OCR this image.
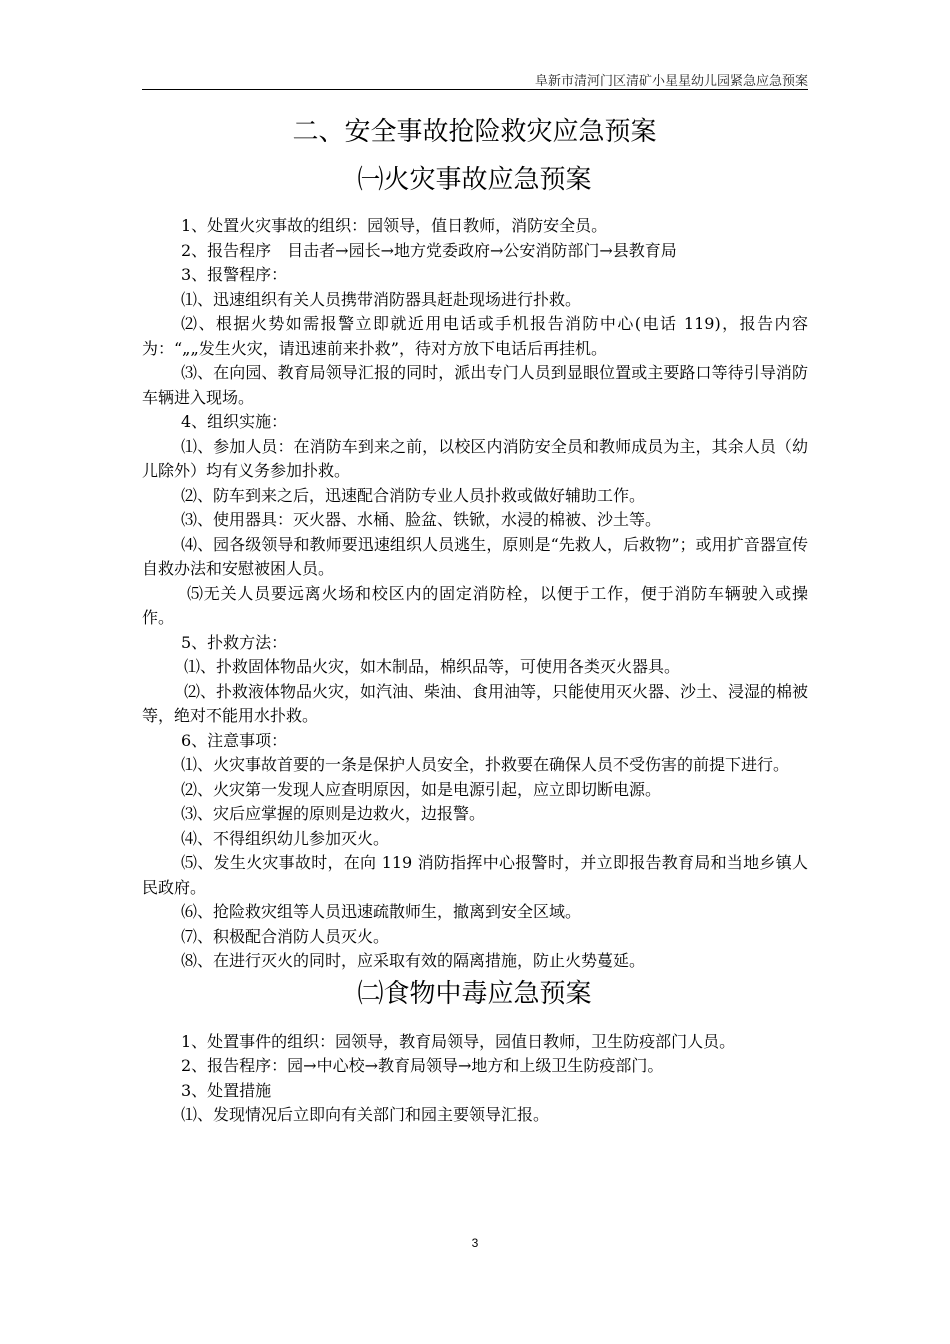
阜新市清河门区清矿小星星幼儿园紧急应急预案
二、安全事故抢险救灾应急预案
㈠火灾事故应急预案
1、处置火灾事故的组织：园领导，值日教师，消防安全员。
2、报告程序　目击者→园长→地方党委政府→公安消防部门→县教育局
3、报警程序：
⑴、迅速组织有关人员携带消防器具赶赴现场进行扑救。
⑵、根据火势如需报警立即就近用电话或手机报告消防中心(电话 119)，报告内容为：“„„发生火灾，请迅速前来扑救”，待对方放下电话后再挂机。
⑶、在向园、教育局领导汇报的同时，派出专门人员到显眼位置或主要路口等待引导消防车辆进入现场。
4、组织实施：
⑴、参加人员：在消防车到来之前，以校区内消防安全员和教师成员为主，其余人员（幼儿除外）均有义务参加扑救。
⑵、防车到来之后，迅速配合消防专业人员扑救或做好辅助工作。
⑶、使用器具：灭火器、水桶、脸盆、铁锨，水浸的棉被、沙土等。
⑷、园各级领导和教师要迅速组织人员逃生，原则是“先救人，后救物”；或用扩音器宣传自救办法和安慰被困人员。
⑸无关人员要远离火场和校区内的固定消防栓，以便于工作，便于消防车辆驶入或操作。
5、扑救方法：
⑴、扑救固体物品火灾，如木制品，棉织品等，可使用各类灭火器具。
⑵、扑救液体物品火灾，如汽油、柴油、食用油等，只能使用灭火器、沙土、浸湿的棉被等，绝对不能用水扑救。
6、注意事项：
⑴、火灾事故首要的一条是保护人员安全，扑救要在确保人员不受伤害的前提下进行。
⑵、火灾第一发现人应查明原因，如是电源引起，应立即切断电源。
⑶、灾后应掌握的原则是边救火，边报警。
⑷、不得组织幼儿参加灭火。
⑸、发生火灾事故时，在向 119 消防指挥中心报警时，并立即报告教育局和当地乡镇人民政府。
⑹、抢险救灾组等人员迅速疏散师生，撤离到安全区域。
⑺、积极配合消防人员灭火。
⑻、在进行灭火的同时，应采取有效的隔离措施，防止火势蔓延。
㈡食物中毒应急预案
1、处置事件的组织：园领导，教育局领导，园值日教师，卫生防疫部门人员。
2、报告程序：园→中心校→教育局领导→地方和上级卫生防疫部门。
3、处置措施
⑴、发现情况后立即向有关部门和园主要领导汇报。
3
